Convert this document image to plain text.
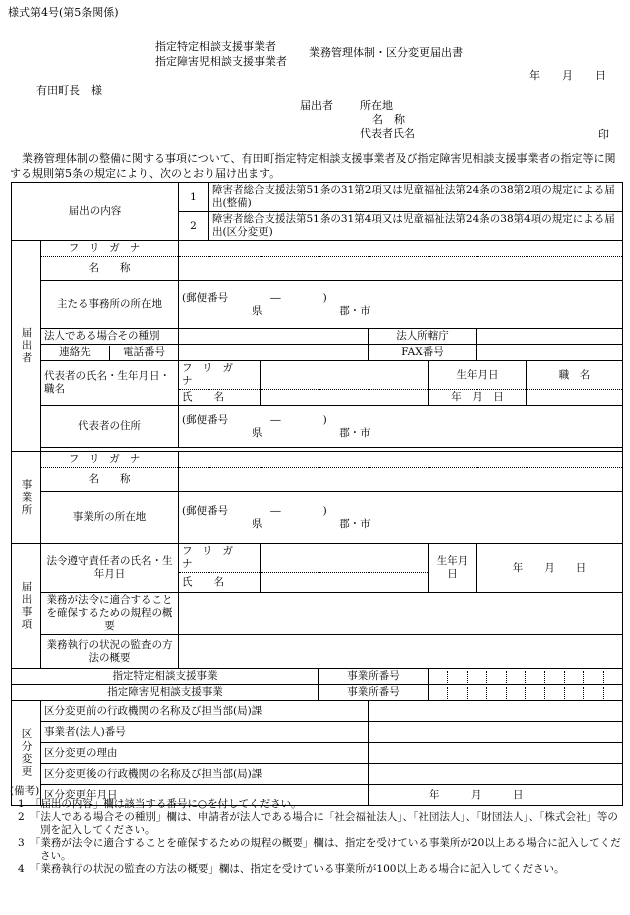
様式第4号(第5条関係)
指定特定相談支援事業者
指定障害児相談支援事業者
業務管理体制・区分変更届出書
年　　月　　日
有田町長　様
届出者 所在地
名　称
代表者氏名	印
業務管理体制の整備に関する事項について、有田町指定特定相談支援事業者及び指定障害児相談支援事業者の指定等に関する規則第5条の規定により、次のとおり届け出ます。
届出の内容		1	障害者総合支援法第51条の31第2項又は児童福祉法第24条の38第2項の規定による届出(整備)						
		2	障害者総合支援法第51条の31第4項又は児童福祉法第24条の38第4項の規定による届出(区分変更)						
届出者	フリガナ								
	名　　称								
	主たる事務所の所在地	(郵便番号　　　　―　　　　)
県 郡・市							

	法人である場合その種別					法人所轄庁			

	連絡先 電話番号					FAX番号			
	代表者の氏名・生年月日・職名	フリガナ					生年月日		職　名
		氏　　名					年　月　日		
	代表者の住所	(郵便番号　　　　―　　　　)
県 郡・市							

事業所	フリガナ								
	名　　称								
	事業所の所在地	(郵便番号　　　　―　　　　)
県 郡・市							

届出事項	法令遵守責任者の氏名・生年月日	フリガナ					生年月日	年　　月　　日	
		氏　　名							
	業務が法令に適合することを確保するための規程の概要								
	業務執行の状況の監査の方法の概要								
指定特定相談支援事業					事業所番号				

指定障害児相談支援事業					事業所番号				

区分変更	区分変更前の行政機関の名称及び担当部(局)課								
	事業者(法人)番号								
	区分変更の理由								
	区分変更後の行政機関の名称及び担当部(局)課								
	区分変更年月日					年　　　月　　　日			
(備考)
1　「届出の内容」欄は該当する番号に○を付してください。
2　「法人である場合その種別」欄は、申請者が法人である場合に「社会福祉法人」、「社団法人」、「財団法人」、「株式会社」等の別を記入してください。
3　「業務が法令に適合することを確保するための規程の概要」欄は、指定を受けている事業所が20以上ある場合に記入してください。
4　「業務執行の状況の監査の方法の概要」欄は、指定を受けている事業所が100以上ある場合に記入してください。
